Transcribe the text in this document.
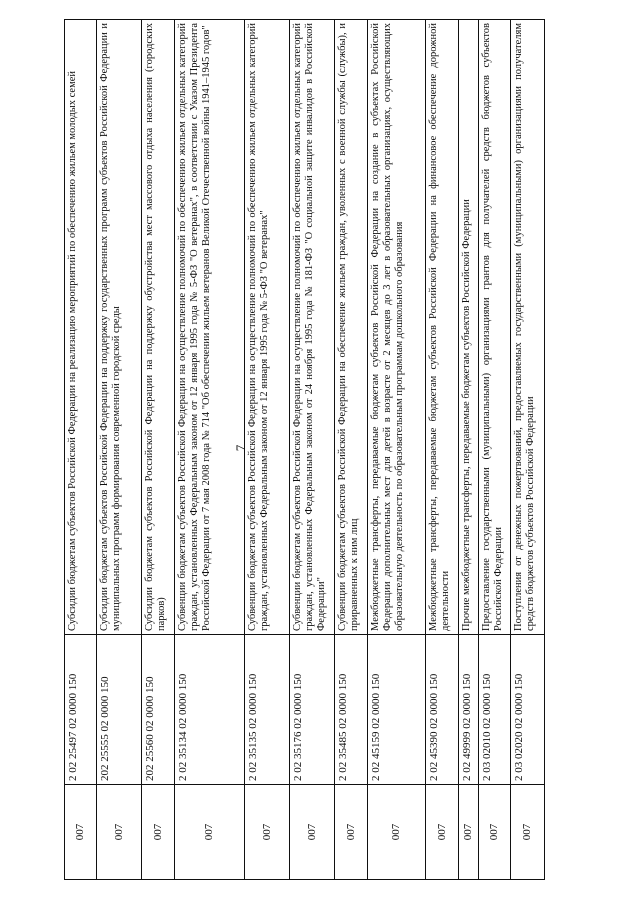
7
007	2 02 25497 02 0000 150	Субсидии бюджетам субъектов Российской Федерации на реализацию мероприятий по обеспечению жильем молодых семей
007	202 25555 02 0000 150	Субсидии бюджетам субъектов Российской Федерации на поддержку государственных программ субъектов Российской Федерации и муниципальных программ формирования современной городской среды
007	202 25560 02 0000 150	Субсидии бюджетам субъектов Российской Федерации на поддержку обустройства мест массового отдыха населения (городских парков)
007	2 02 35134 02 0000 150	Субвенции бюджетам субъектов Российской Федерации на осуществление полномочий по обеспечению жильем отдельных категорий граждан, установленных Федеральным законом от 12 января 1995 года № 5-ФЗ "О ветеранах", в соответствии с Указом Президента Российской Федерации от 7 мая 2008 года № 714 "Об обеспечении жильем ветеранов Великой Отечественной войны 1941–1945 годов"
007	2 02 35135 02 0000 150	Субвенции бюджетам субъектов Российской Федерации на осуществление полномочий по обеспечению жильем отдельных категорий граждан, установленных Федеральным законом от 12 января 1995 года № 5-ФЗ "О ветеранах"
007	2 02 35176 02 0000 150	Субвенции бюджетам субъектов Российской Федерации на осуществление полномочий по обеспечению жильем отдельных категорий граждан, установленных Федеральным законом от 24 ноября 1995 года № 181-ФЗ "О социальной защите инвалидов в Российской Федерации"
007	2 02 35485 02 0000 150	Субвенции бюджетам субъектов Российской Федерации на обеспечение жильем граждан, уволенных с военной службы (службы), и приравненных к ним лиц
007	2 02 45159 02 0000 150	Межбюджетные трансферты, передаваемые бюджетам субъектов Российской Федерации на создание в субъектах Российской Федерации дополнительных мест для детей в возрасте от 2 месяцев до 3 лет в образовательных организациях, осуществляющих образовательную деятельность по образовательным программам дошкольного образования
007	2 02 45390 02 0000 150	Межбюджетные трансферты, передаваемые бюджетам субъектов Российской Федерации на финансовое обеспечение дорожной деятельности
007	2 02 49999 02 0000 150	Прочие межбюджетные трансферты, передаваемые бюджетам субъектов Российской Федерации
007	2 03 02010 02 0000 150	Предоставление государственными (муниципальными) организациями грантов для получателей средств бюджетов субъектов Российской Федерации
007	2 03 02020 02 0000 150	Поступления от денежных пожертвований, предоставляемых государственными (муниципальными) организациями получателям средств бюджетов субъектов Российской Федерации
